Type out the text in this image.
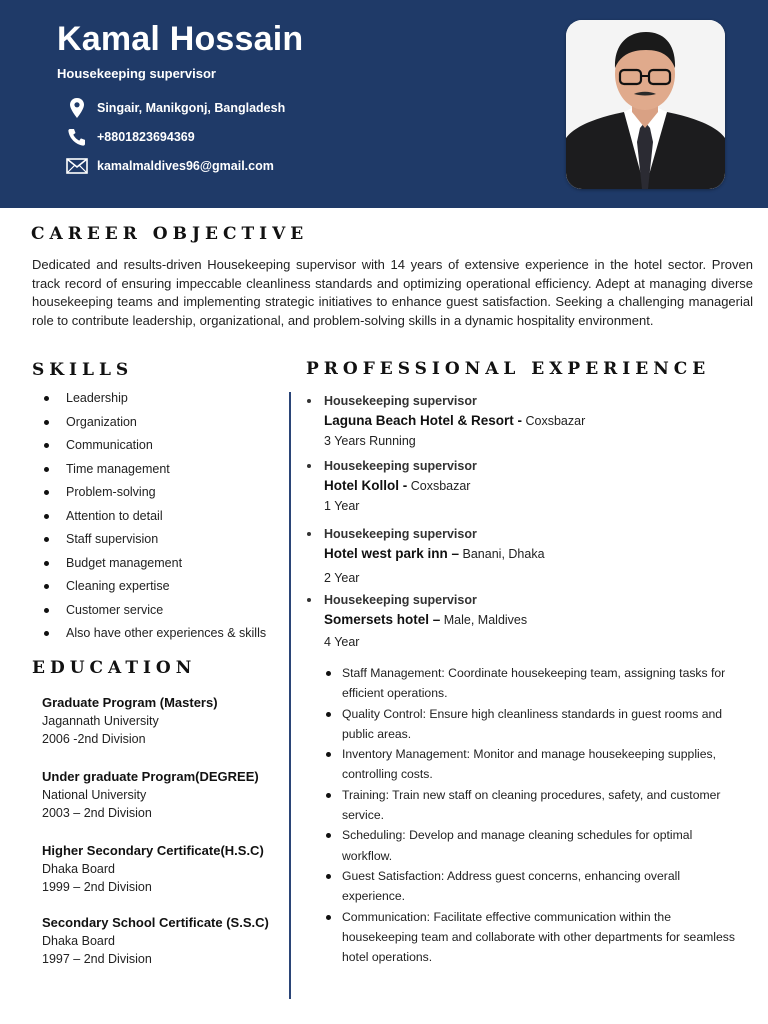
Kamal Hossain
Housekeeping supervisor
Singair, Manikgonj, Bangladesh
+8801823694369
kamalmaldives96@gmail.com
CAREER OBJECTIVE
Dedicated and results-driven Housekeeping supervisor with 14 years of extensive experience in the hotel sector. Proven track record of ensuring impeccable cleanliness standards and optimizing operational efficiency. Adept at managing diverse housekeeping teams and implementing strategic initiatives to enhance guest satisfaction. Seeking a challenging managerial role to contribute leadership, organizational, and problem-solving skills in a dynamic hospitality environment.
SKILLS
Leadership
Organization
Communication
Time management
Problem-solving
Attention to detail
Staff supervision
Budget management
Cleaning expertise
Customer service
Also have other experiences & skills
EDUCATION
Graduate Program (Masters)
Jagannath University
2006 -2nd Division
Under graduate Program(DEGREE)
National University
2003 – 2nd Division
Higher Secondary Certificate(H.S.C)
Dhaka Board
1999 – 2nd Division
Secondary School Certificate (S.S.C)
Dhaka Board
1997 – 2nd Division
PROFESSIONAL EXPERIENCE
Housekeeping supervisor
Laguna Beach Hotel & Resort - Coxsbazar
3 Years Running
Housekeeping supervisor
Hotel Kollol - Coxsbazar
1 Year
Housekeeping supervisor
Hotel west park inn – Banani, Dhaka
2 Year
Housekeeping supervisor
Somersets hotel – Male, Maldives
4 Year
Staff Management: Coordinate housekeeping team, assigning tasks for efficient operations.
Quality Control: Ensure high cleanliness standards in guest rooms and public areas.
Inventory Management: Monitor and manage housekeeping supplies, controlling costs.
Training: Train new staff on cleaning procedures, safety, and customer service.
Scheduling: Develop and manage cleaning schedules for optimal workflow.
Guest Satisfaction: Address guest concerns, enhancing overall experience.
Communication: Facilitate effective communication within the housekeeping team and collaborate with other departments for seamless hotel operations.
